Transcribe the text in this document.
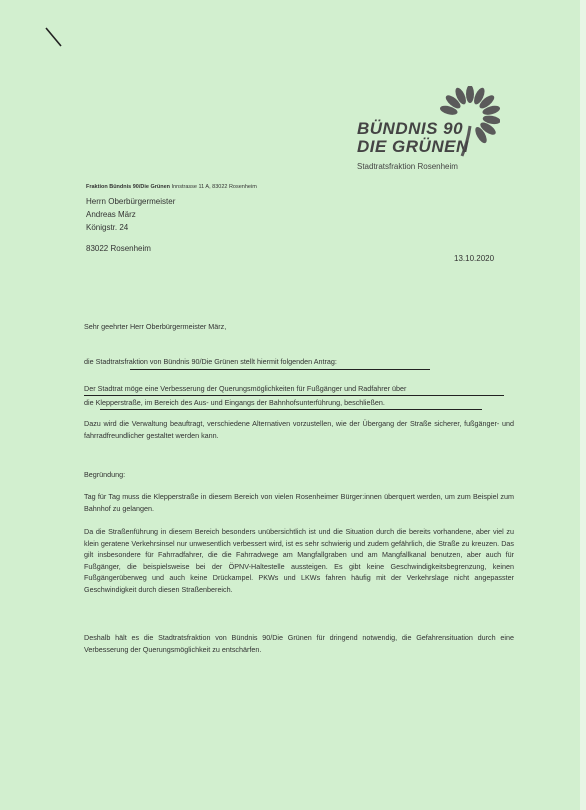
BÜNDNIS 90
DIE GRÜNEN
Stadtratsfraktion Rosenheim
Fraktion Bündnis 90/Die Grünen Innstrasse 11 A, 83022 Rosenheim
Herrn Oberbürgermeister
Andreas März
Königstr. 24
83022 Rosenheim
13.10.2020
Sehr geehrter Herr Oberbürgermeister März,
die Stadtratsfraktion von Bündnis 90/Die Grünen stellt hiermit folgenden Antrag:
Der Stadtrat möge eine Verbesserung der Querungsmöglichkeiten für Fußgänger und Radfahrer über
die Klepperstraße, im Bereich des Aus- und Eingangs der Bahnhofsunterführung, beschließen.
Dazu wird die Verwaltung beauftragt, verschiedene Alternativen vorzustellen, wie der Übergang der Straße sicherer, fußgänger- und fahrradfreundlicher gestaltet werden kann.
Begründung:
Tag für Tag muss die Klepperstraße in diesem Bereich von vielen Rosenheimer Bürger:innen überquert werden, um zum Beispiel zum Bahnhof zu gelangen.
Da die Straßenführung in diesem Bereich besonders unübersichtlich ist und die Situation durch die bereits vorhandene, aber viel zu klein geratene Verkehrsinsel nur unwesentlich verbessert wird, ist es sehr schwierig und zudem gefährlich, die Straße zu kreuzen. Das gilt insbesondere für Fahrradfahrer, die die Fahrradwege am Mangfallgraben und am Mangfallkanal benutzen, aber auch für Fußgänger, die beispielsweise bei der ÖPNV-Haltestelle aussteigen. Es gibt keine Geschwindigkeitsbegrenzung, keinen Fußgängerüberweg und auch keine Drückampel. PKWs und LKWs fahren häufig mit der Verkehrslage nicht angepasster Geschwindigkeit durch diesen Straßenbereich.
Deshalb hält es die Stadtratsfraktion von Bündnis 90/Die Grünen für dringend notwendig, die Gefahrensituation durch eine Verbesserung der Querungsmöglichkeit zu entschärfen.
